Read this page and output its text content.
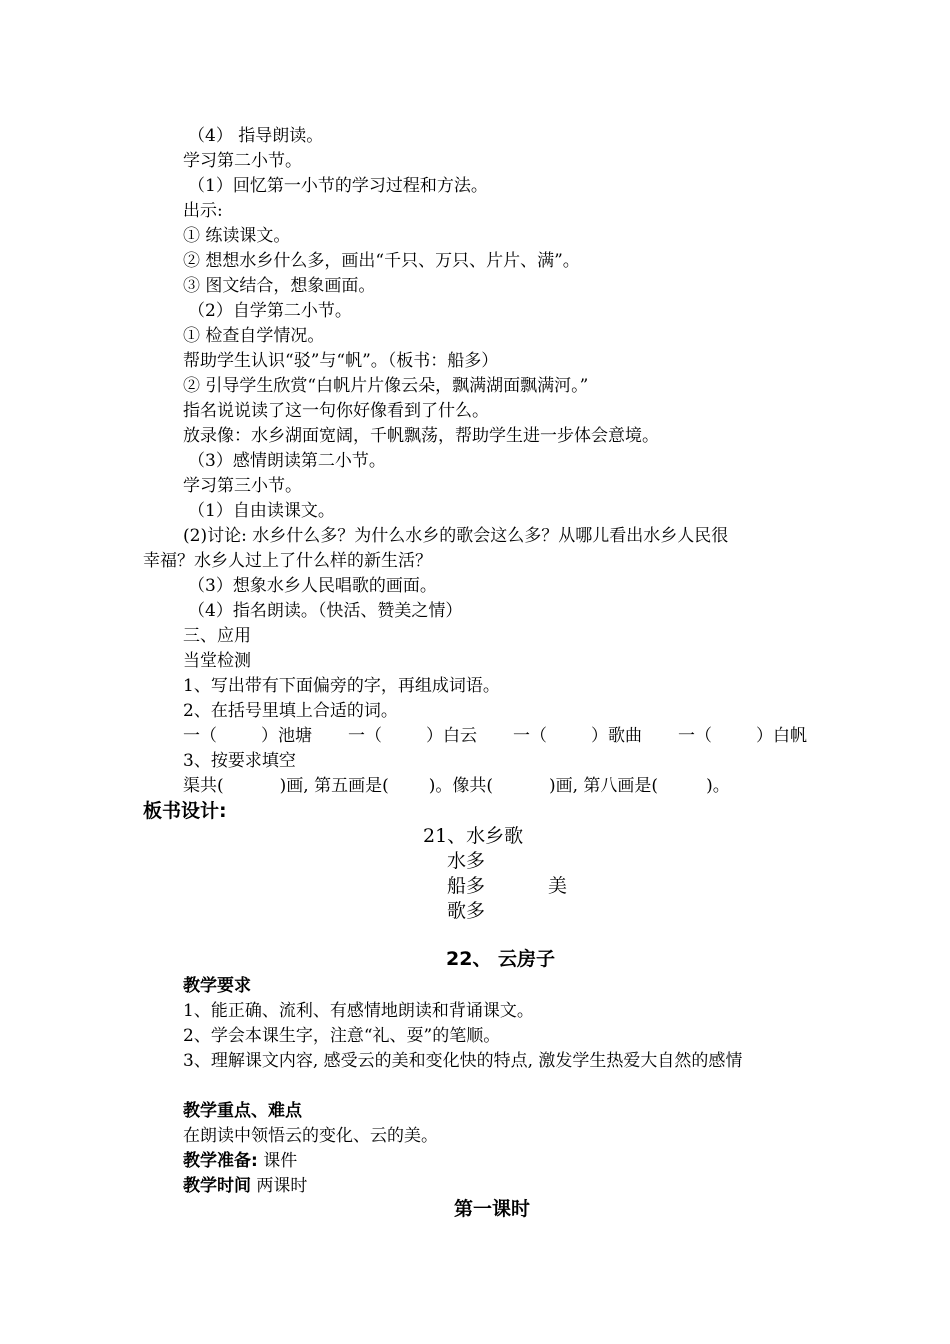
（4） 指导朗读。
学习第二小节。
（1）回忆第一小节的学习过程和方法。
出示:
① 练读课文。
② 想想水乡什么多，画出“千只、万只、片片、满”。
③ 图文结合，想象画面。
（2）自学第二小节。
① 检查自学情况。
帮助学生认识“驳”与“帆”。（板书：船多）
② 引导学生欣赏“白帆片片像云朵，飘满湖面飘满河。”
指名说说读了这一句你好像看到了什么。
放录像：水乡湖面宽阔，千帆飘荡，帮助学生进一步体会意境。
（3）感情朗读第二小节。
学习第三小节。
（1）自由读课文。
(2)讨论: 水乡什么多？为什么水乡的歌会这么多？从哪儿看出水乡人民很
幸福？水乡人过上了什么样的新生活？
（3）想象水乡人民唱歌的画面。
（4）指名朗读。（快活、赞美之情）
三、应用
当堂检测
1、写出带有下面偏旁的字，再组成词语。
2、在括号里填上合适的词。
一（	）池塘 一（	）白云 一（	）歌曲 一（	）白帆
3、按要求填空
渠共(	)画, 第五画是( )。像共(	)画, 第八画是(	)。
板书设计:
21、水乡歌
水多
船多	美
歌多
22、 云房子
教学要求
1、能正确、流利、有感情地朗读和背诵课文。
2、学会本课生字，注意“礼、耍”的笔顺。
3、理解课文内容, 感受云的美和变化快的特点, 激发学生热爱大自然的感情
教学重点、难点
在朗读中领悟云的变化、云的美。
教学准备: 课件
教学时间 两课时
第一课时
